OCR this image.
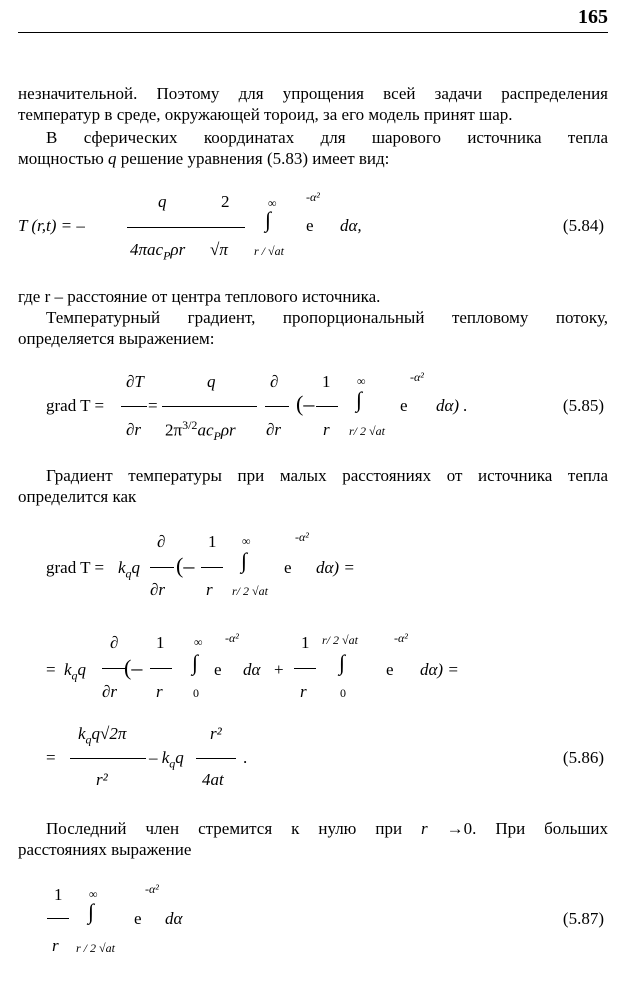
165
незначительной. Поэтому для упрощения всей задачи распределения
температур в среде, окружающей тороид, за его модель принят шар.
В сферических координатах для шарового источника тепла
мощностью q решение уравнения (5.83) имеет вид:
T (r,t) = –
q
4πac$_P$ρr
2
√π
∞
∫
r / √at
-α²
e dα,	(5.84)
где r – расстояние от центра теплового источника.
Температурный градиент, пропорциональный тепловому потоку,
определяется выражением:
grad T =
∂T
∂r
=
q
$2\pi^{3/2}ac_P\rho r$
∂
∂r
(–
1
r
∞
∫
r/ 2 √at
-α²
e dα) .	(5.85)
Градиент температуры при малых расстояниях от источника тепла
определится как
grad $T = k_qq$
∂
∂r
(–
1
r
∞
∫
r/ 2 √at
-α²
e dα) =
= $k_qq$
∂
∂r
(–
1
r
∞
∫
0
-α²
e dα +
1
r
r/ 2 √at
∫
0
-α²
e dα) =
=
$k_qq√2\pi$
r²
– $k_qq$
r²
4at
.	(5.86)
Последний член стремится к нулю при r →0. При больших
расстояниях выражение
1
r
∞
∫
r / 2 √at
-α²
e dα	(5.87)
